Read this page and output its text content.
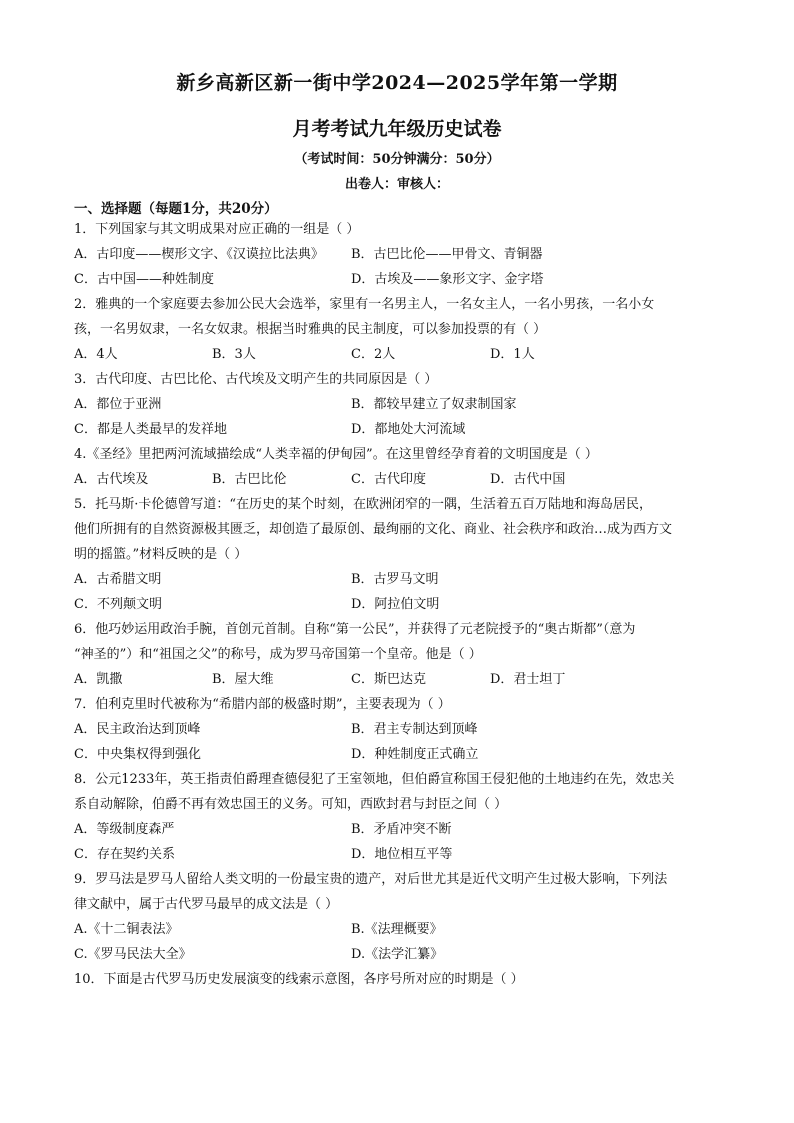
新乡高新区新一街中学2024—2025学年第一学期
月考考试九年级历史试卷
（考试时间：50分钟满分：50分）
出卷人：审核人：
一、选择题（每题1分，共20分）
1．下列国家与其文明成果对应正确的一组是（ ）
A．古印度——楔形文字、《汉谟拉比法典》 B．古巴比伦——甲骨文、青铜器
C．古中国——种姓制度	D．古埃及——象形文字、金字塔
2．雅典的一个家庭要去参加公民大会选举，家里有一名男主人，一名女主人，一名小男孩，一名小女
孩，一名男奴隶，一名女奴隶。根据当时雅典的民主制度，可以参加投票的有（ ）
A．4人	B．3人	C．2人	D．1人
3．古代印度、古巴比伦、古代埃及文明产生的共同原因是（ ）
A．都位于亚洲	B．都较早建立了奴隶制国家
C．都是人类最早的发祥地	D．都地处大河流域
4.《圣经》里把两河流域描绘成“人类幸福的伊甸园”。在这里曾经孕育着的文明国度是（ ）
A．古代埃及	B．古巴比伦	C．古代印度	D．古代中国
5．托马斯·卡伦德曾写道：“在历史的某个时刻，在欧洲闭窄的一隅，生活着五百万陆地和海岛居民，
他们所拥有的自然资源极其匮乏，却创造了最原创、最绚丽的文化、商业、社会秩序和政治…成为西方文
明的摇篮。”材料反映的是（ ）
A．古希腊文明	B．古罗马文明
C．不列颠文明	D．阿拉伯文明
6．他巧妙运用政治手腕，首创元首制。自称“第一公民”，并获得了元老院授予的“奥古斯都”（意为
“神圣的”）和“祖国之父”的称号，成为罗马帝国第一个皇帝。他是（ ）
A．凯撒	B．屋大维	C．斯巴达克	D．君士坦丁
7．伯利克里时代被称为“希腊内部的极盛时期”，主要表现为（ ）
A．民主政治达到顶峰	B．君主专制达到顶峰
C．中央集权得到强化	D．种姓制度正式确立
8．公元1233年，英王指责伯爵理查德侵犯了王室领地，但伯爵宣称国王侵犯他的土地违约在先，效忠关
系自动解除，伯爵不再有效忠国王的义务。可知，西欧封君与封臣之间（ ）
A．等级制度森严	B．矛盾冲突不断
C．存在契约关系	D．地位相互平等
9．罗马法是罗马人留给人类文明的一份最宝贵的遗产，对后世尤其是近代文明产生过极大影响，下列法
律文献中，属于古代罗马最早的成文法是（ ）
A.《十二铜表法》	B.《法理概要》
C.《罗马民法大全》	D.《法学汇纂》
10．下面是古代罗马历史发展演变的线索示意图，各序号所对应的时期是（ ）
